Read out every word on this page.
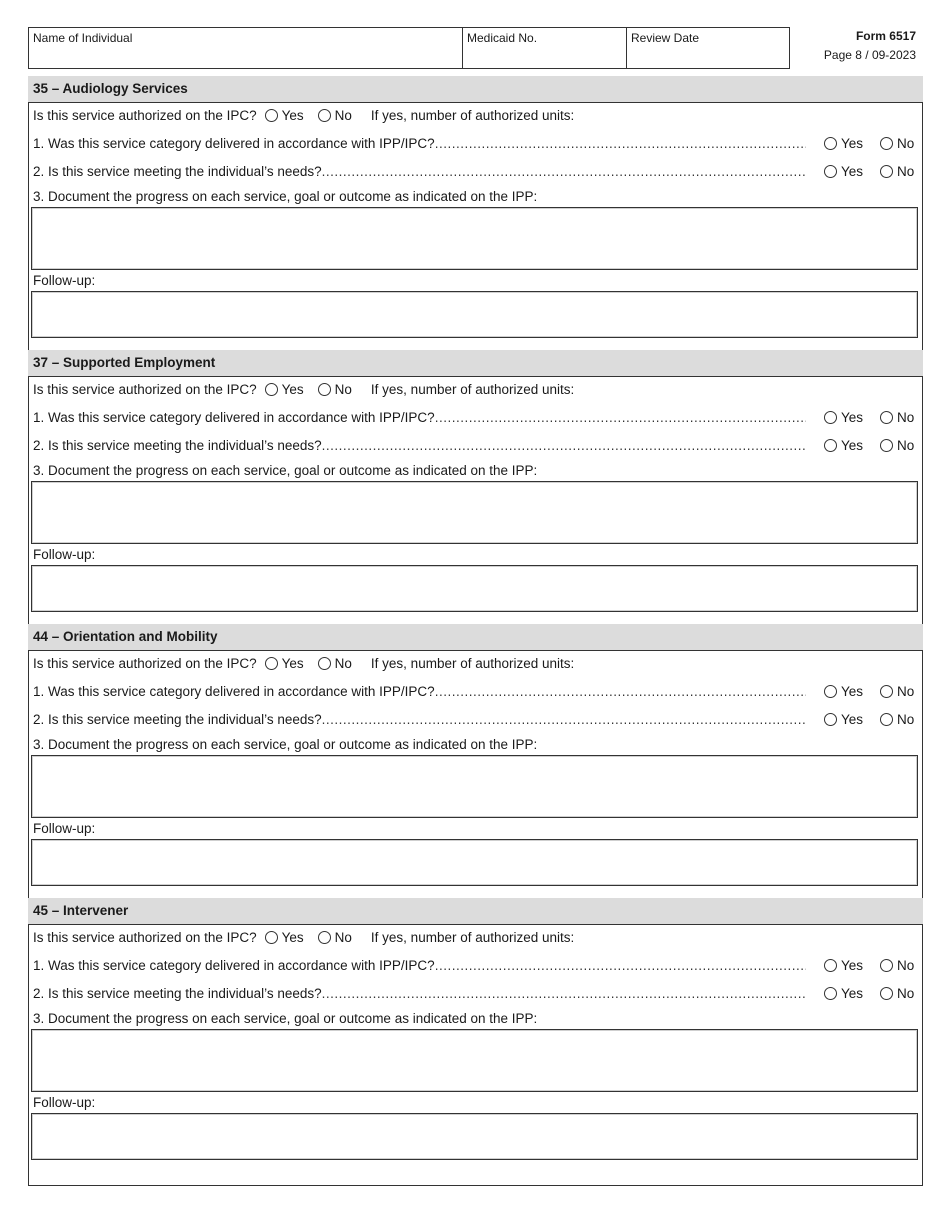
Name of Individual	Medicaid No.	Review Date	Form 6517
Page 8 / 09-2023
35 – Audiology Services
Is this service authorized on the IPC? Yes No If yes, number of authorized units:
1. Was this service category delivered in accordance with IPP/IPC? .....	Yes	No
2. Is this service meeting the individual’s needs? .....	Yes	No
3. Document the progress on each service, goal or outcome as indicated on the IPP:
Follow-up:
37 – Supported Employment
Is this service authorized on the IPC? Yes No If yes, number of authorized units:
1. Was this service category delivered in accordance with IPP/IPC? .....	Yes	No
2. Is this service meeting the individual’s needs? .....	Yes	No
3. Document the progress on each service, goal or outcome as indicated on the IPP:
Follow-up:
44 – Orientation and Mobility
Is this service authorized on the IPC? Yes No If yes, number of authorized units:
1. Was this service category delivered in accordance with IPP/IPC? .....	Yes	No
2. Is this service meeting the individual’s needs? .....	Yes	No
3. Document the progress on each service, goal or outcome as indicated on the IPP:
Follow-up:
45 – Intervener
Is this service authorized on the IPC? Yes No If yes, number of authorized units:
1. Was this service category delivered in accordance with IPP/IPC? .....	Yes	No
2. Is this service meeting the individual’s needs? .....	Yes	No
3. Document the progress on each service, goal or outcome as indicated on the IPP:
Follow-up:
